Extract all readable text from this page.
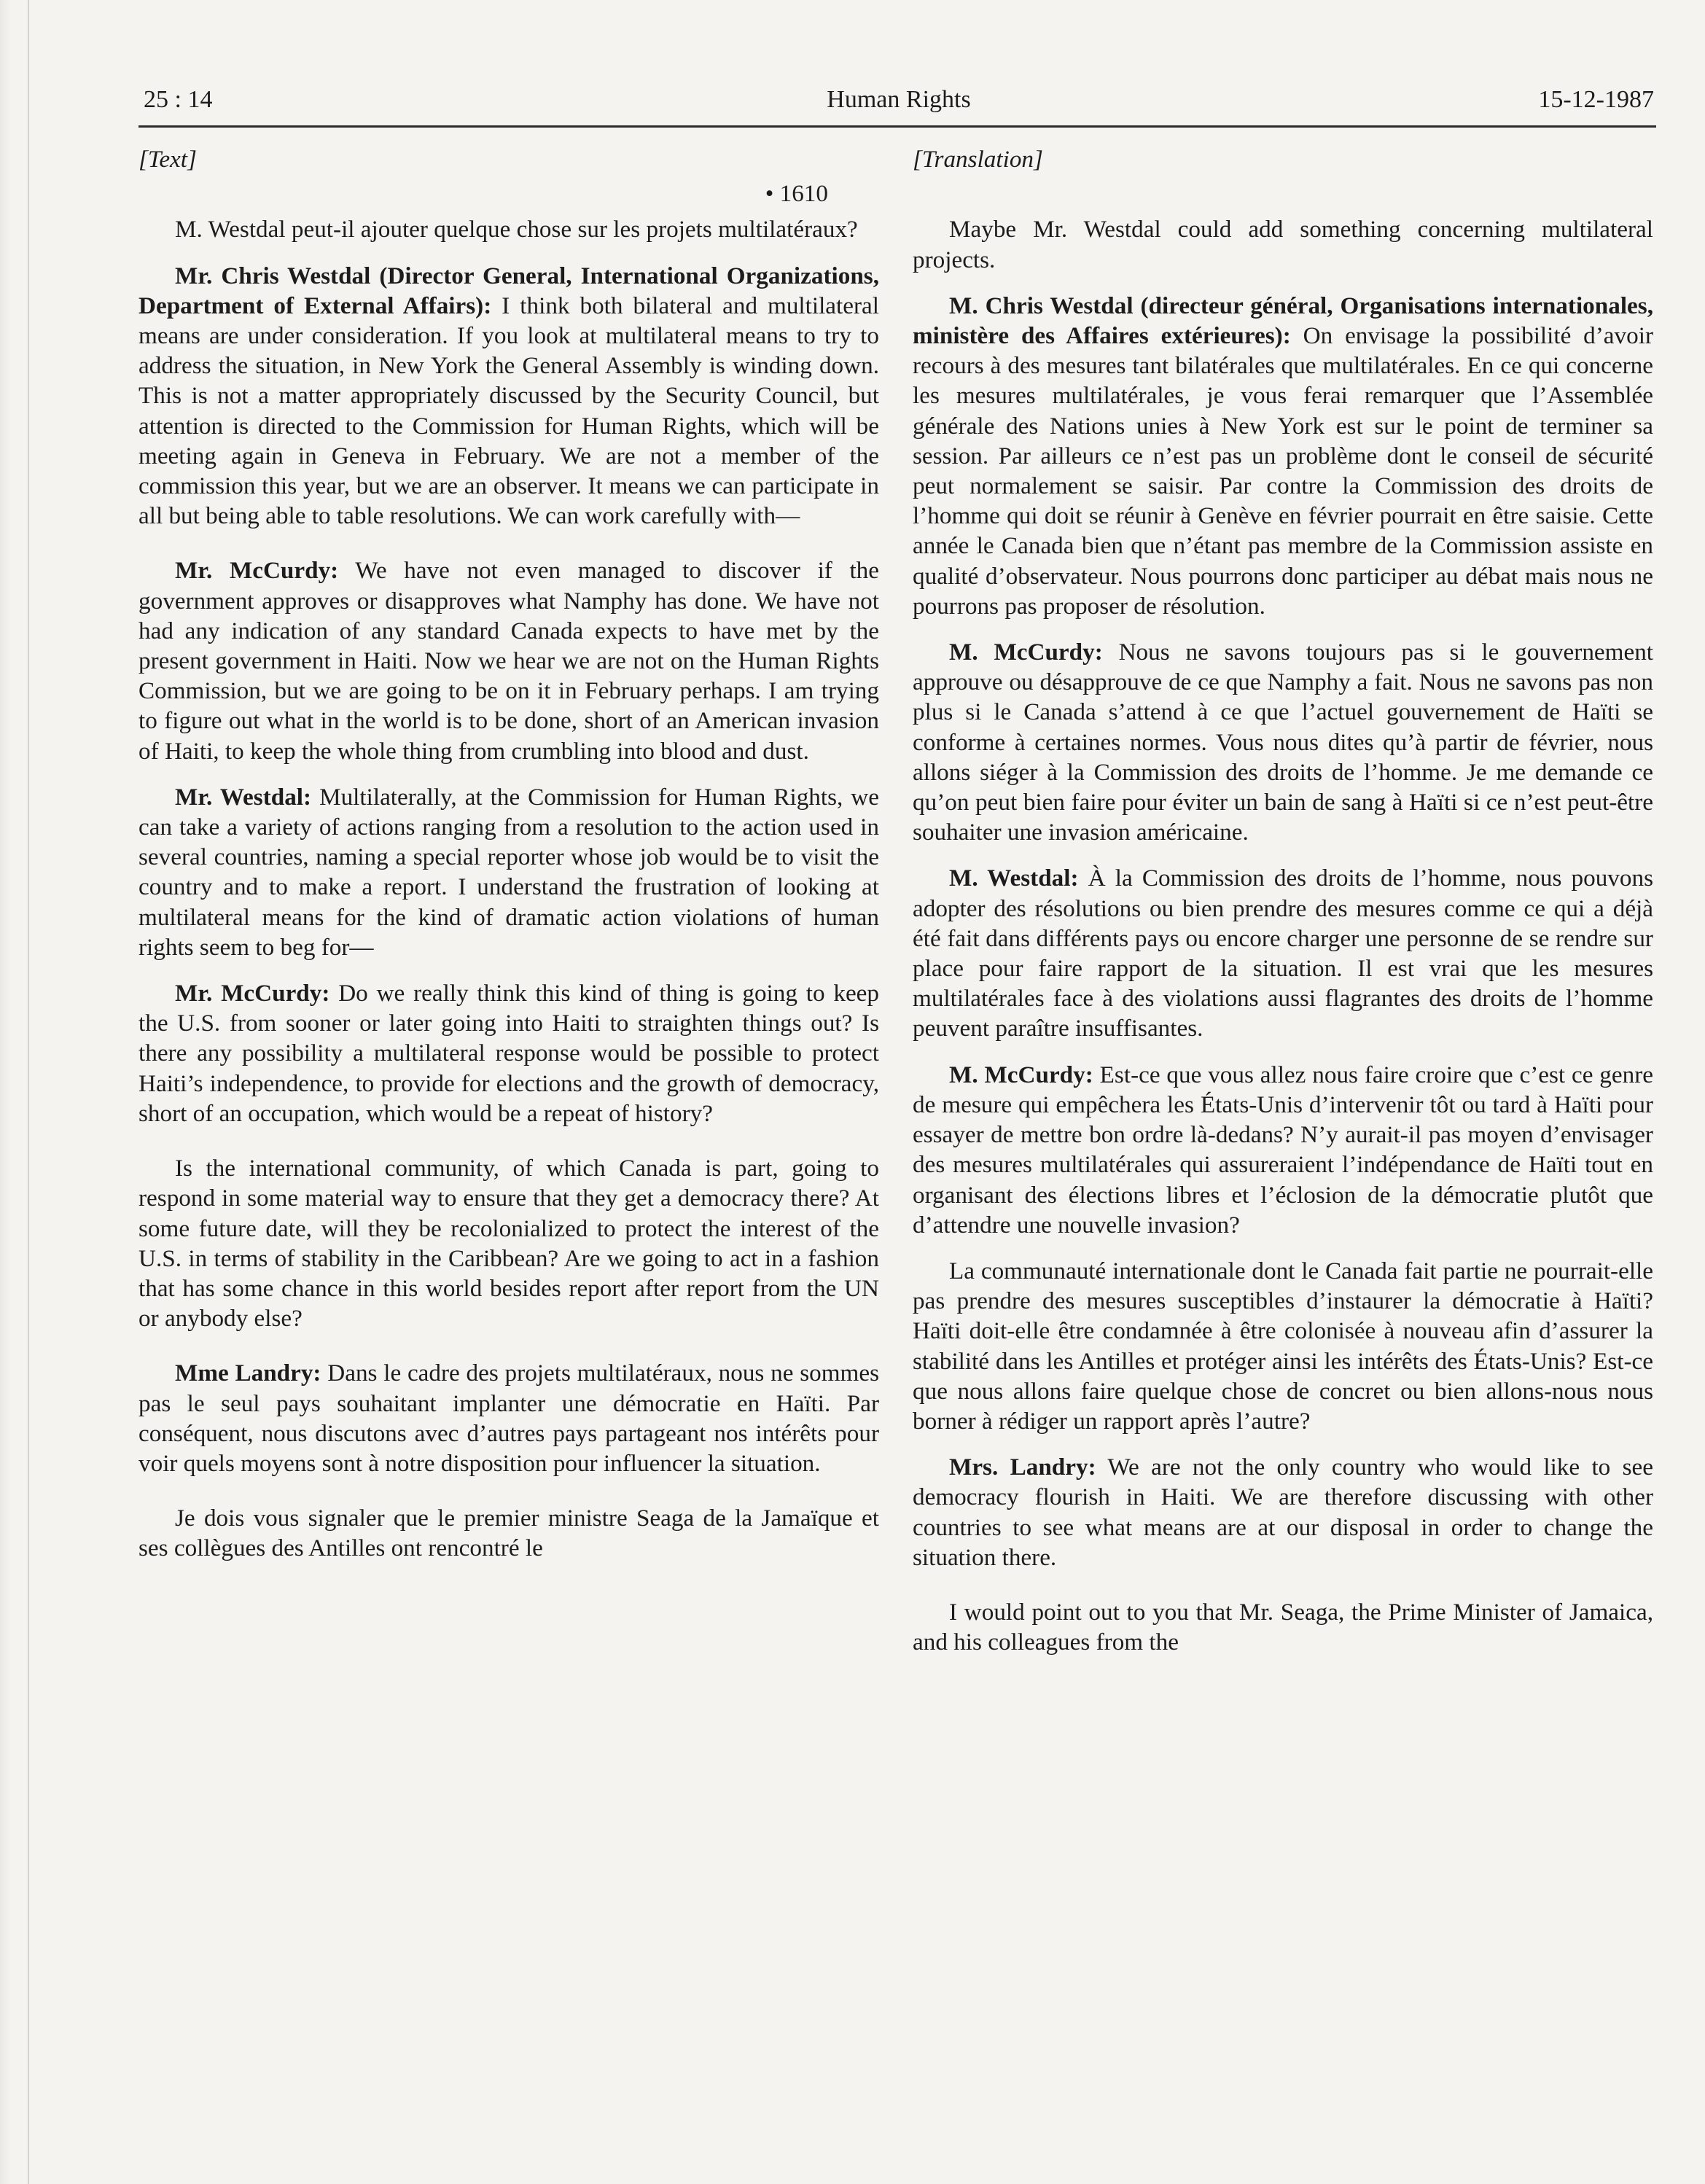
25 : 14	Human Rights	15-12-1987
[Text]
• 1610

M. Westdal peut-il ajouter quelque chose sur les projets multilatéraux?

Mr. Chris Westdal (Director General, International Organizations, Department of External Affairs): I think both bilateral and multilateral means are under consideration. If you look at multilateral means to try to address the situation, in New York the General Assembly is winding down. This is not a matter appropriately discussed by the Security Council, but attention is directed to the Commission for Human Rights, which will be meeting again in Geneva in February. We are not a member of the commission this year, but we are an observer. It means we can participate in all but being able to table resolutions. We can work carefully with—

Mr. McCurdy: We have not even managed to discover if the government approves or disapproves what Namphy has done. We have not had any indication of any standard Canada expects to have met by the present government in Haiti. Now we hear we are not on the Human Rights Commission, but we are going to be on it in February perhaps. I am trying to figure out what in the world is to be done, short of an American invasion of Haiti, to keep the whole thing from crumbling into blood and dust.

Mr. Westdal: Multilaterally, at the Commission for Human Rights, we can take a variety of actions ranging from a resolution to the action used in several countries, naming a special reporter whose job would be to visit the country and to make a report. I understand the frustration of looking at multilateral means for the kind of dramatic action violations of human rights seem to beg for—

Mr. McCurdy: Do we really think this kind of thing is going to keep the U.S. from sooner or later going into Haiti to straighten things out? Is there any possibility a multilateral response would be possible to protect Haiti’s independence, to provide for elections and the growth of democracy, short of an occupation, which would be a repeat of history?

Is the international community, of which Canada is part, going to respond in some material way to ensure that they get a democracy there? At some future date, will they be recolonialized to protect the interest of the U.S. in terms of stability in the Caribbean? Are we going to act in a fashion that has some chance in this world besides report after report from the UN or anybody else?

Mme Landry: Dans le cadre des projets multilatéraux, nous ne sommes pas le seul pays souhaitant implanter une démocratie en Haïti. Par conséquent, nous discutons avec d’autres pays partageant nos intérêts pour voir quels moyens sont à notre disposition pour influencer la situation.

Je dois vous signaler que le premier ministre Seaga de la Jamaïque et ses collègues des Antilles ont rencontré le

[Translation]

Maybe Mr. Westdal could add something concerning multilateral projects.

M. Chris Westdal (directeur général, Organisations internationales, ministère des Affaires extérieures): On envisage la possibilité d’avoir recours à des mesures tant bilatérales que multilatérales. En ce qui concerne les mesures multilatérales, je vous ferai remarquer que l’Assemblée générale des Nations unies à New York est sur le point de terminer sa session. Par ailleurs ce n’est pas un problème dont le conseil de sécurité peut normalement se saisir. Par contre la Commission des droits de l’homme qui doit se réunir à Genève en février pourrait en être saisie. Cette année le Canada bien que n’étant pas membre de la Commission assiste en qualité d’observateur. Nous pourrons donc participer au débat mais nous ne pourrons pas proposer de résolution.

M. McCurdy: Nous ne savons toujours pas si le gouvernement approuve ou désapprouve de ce que Namphy a fait. Nous ne savons pas non plus si le Canada s’attend à ce que l’actuel gouvernement de Haïti se conforme à certaines normes. Vous nous dites qu’à partir de février, nous allons siéger à la Commission des droits de l’homme. Je me demande ce qu’on peut bien faire pour éviter un bain de sang à Haïti si ce n’est peut-être souhaiter une invasion américaine.

M. Westdal: À la Commission des droits de l’homme, nous pouvons adopter des résolutions ou bien prendre des mesures comme ce qui a déjà été fait dans différents pays ou encore charger une personne de se rendre sur place pour faire rapport de la situation. Il est vrai que les mesures multilatérales face à des violations aussi flagrantes des droits de l’homme peuvent paraître insuffisantes.

M. McCurdy: Est-ce que vous allez nous faire croire que c’est ce genre de mesure qui empêchera les États-Unis d’intervenir tôt ou tard à Haïti pour essayer de mettre bon ordre là-dedans? N’y aurait-il pas moyen d’envisager des mesures multilatérales qui assureraient l’indépendance de Haïti tout en organisant des élections libres et l’éclosion de la démocratie plutôt que d’attendre une nouvelle invasion?

La communauté internationale dont le Canada fait partie ne pourrait-elle pas prendre des mesures susceptibles d’instaurer la démocratie à Haïti? Haïti doit-elle être condamnée à être colonisée à nouveau afin d’assurer la stabilité dans les Antilles et protéger ainsi les intérêts des États-Unis? Est-ce que nous allons faire quelque chose de concret ou bien allons-nous nous borner à rédiger un rapport après l’autre?

Mrs. Landry: We are not the only country who would like to see democracy flourish in Haiti. We are therefore discussing with other countries to see what means are at our disposal in order to change the situation there.

I would point out to you that Mr. Seaga, the Prime Minister of Jamaica, and his colleagues from the
